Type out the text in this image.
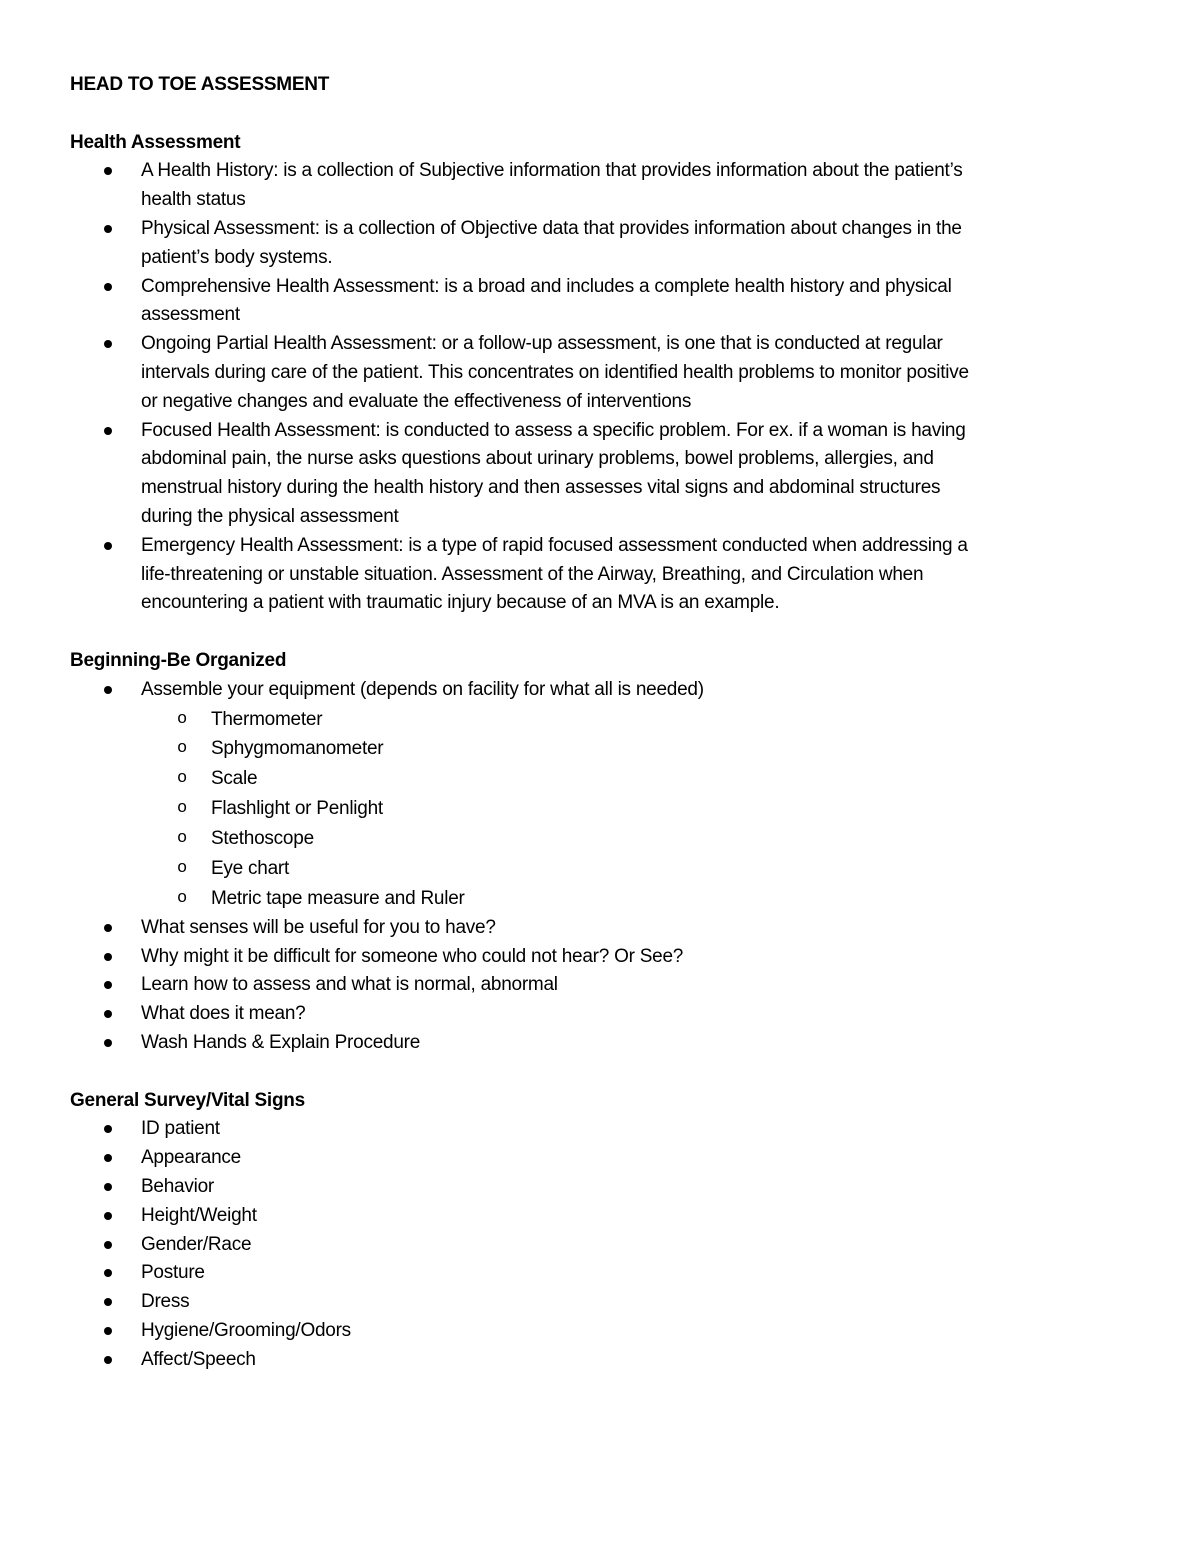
HEAD TO TOE ASSESSMENT
Health Assessment
A Health History: is a collection of Subjective information that provides information about the patient’s
health status
Physical Assessment: is a collection of Objective data that provides information about changes in the
patient’s body systems.
Comprehensive Health Assessment: is a broad and includes a complete health history and physical
assessment
Ongoing Partial Health Assessment: or a follow-up assessment, is one that is conducted at regular
intervals during care of the patient. This concentrates on identified health problems to monitor positive
or negative changes and evaluate the effectiveness of interventions
Focused Health Assessment: is conducted to assess a specific problem. For ex. if a woman is having
abdominal pain, the nurse asks questions about urinary problems, bowel problems, allergies, and
menstrual history during the health history and then assesses vital signs and abdominal structures
during the physical assessment
Emergency Health Assessment: is a type of rapid focused assessment conducted when addressing a
life-threatening or unstable situation. Assessment of the Airway, Breathing, and Circulation when
encountering a patient with traumatic injury because of an MVA is an example.
Beginning-Be Organized
Assemble your equipment (depends on facility for what all is needed)
o Thermometer
o Sphygmomanometer
o Scale
o Flashlight or Penlight
o Stethoscope
o Eye chart
o Metric tape measure and Ruler
What senses will be useful for you to have?
Why might it be difficult for someone who could not hear? Or See?
Learn how to assess and what is normal, abnormal
What does it mean?
Wash Hands & Explain Procedure
General Survey/Vital Signs
ID patient
Appearance
Behavior
Height/Weight
Gender/Race
Posture
Dress
Hygiene/Grooming/Odors
Affect/Speech
